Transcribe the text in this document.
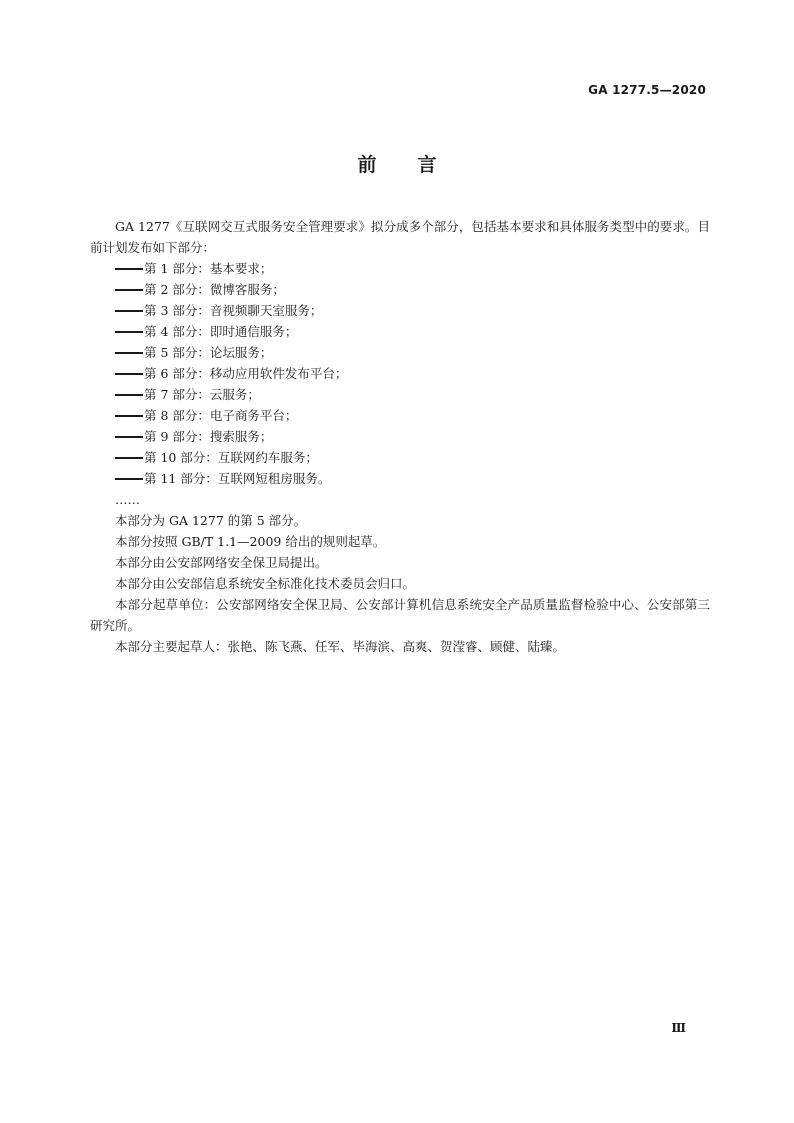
GA 1277.5—2020
前言

GA 1277《互联网交互式服务安全管理要求》拟分成多个部分，包括基本要求和具体服务类型中的要求。目前计划发布如下部分：

第 1 部分：基本要求；

第 2 部分：微博客服务；

第 3 部分：音视频聊天室服务；

第 4 部分：即时通信服务；

第 5 部分：论坛服务；

第 6 部分：移动应用软件发布平台；

第 7 部分：云服务；

第 8 部分：电子商务平台；

第 9 部分：搜索服务；

第 10 部分：互联网约车服务；

第 11 部分：互联网短租房服务。

……

本部分为 GA 1277 的第 5 部分。

本部分按照 GB/T 1.1—2009 给出的规则起草。

本部分由公安部网络安全保卫局提出。

本部分由公安部信息系统安全标准化技术委员会归口。

本部分起草单位：公安部网络安全保卫局、公安部计算机信息系统安全产品质量监督检验中心、公安部第三研究所。

本部分主要起草人：张艳、陈飞燕、任军、毕海滨、高爽、贺滢睿、顾健、陆臻。

Ⅲ
